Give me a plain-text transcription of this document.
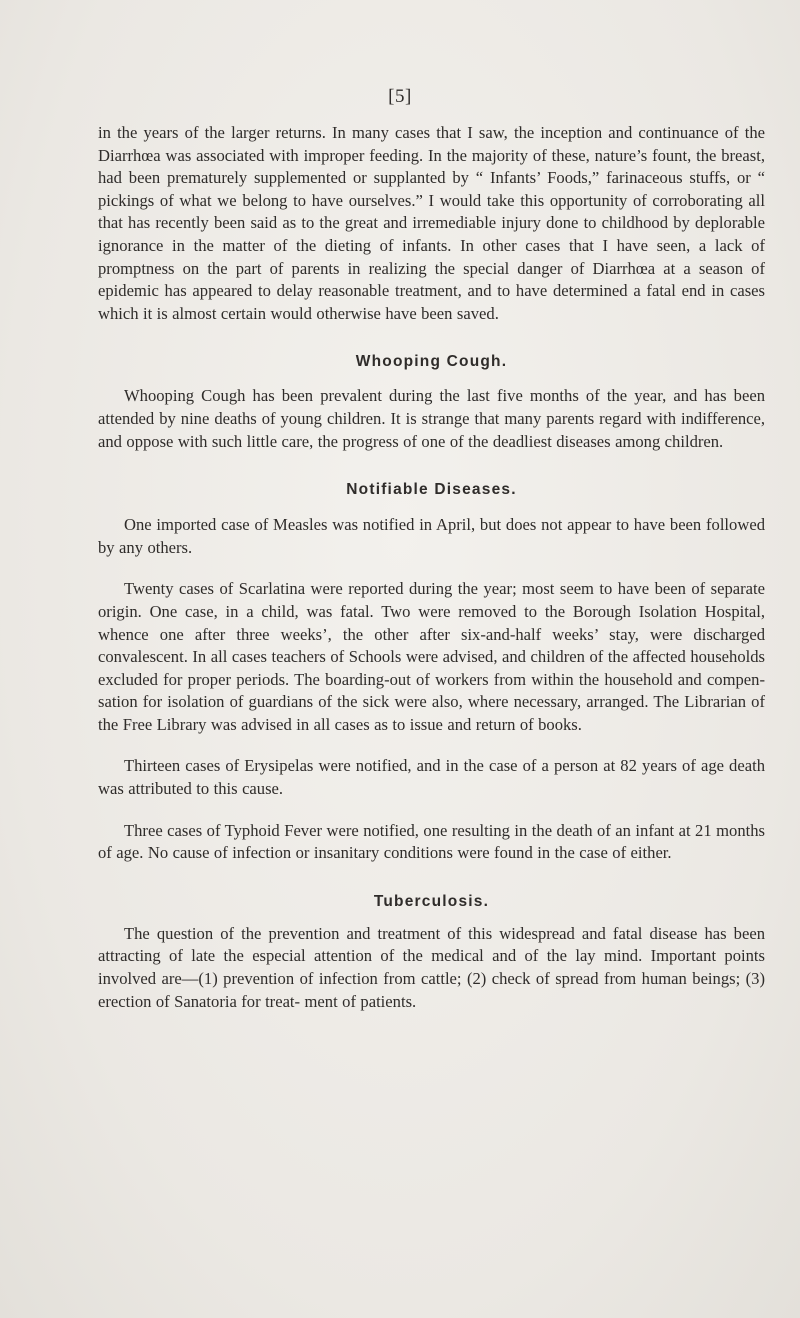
[5]

in the years of the larger returns. In many cases that I saw, the inception and continuance of the Diarrhœa was associated with improper feeding. In the majority of these, nature’s fount, the breast, had been prematurely supplemented or supplanted by “ Infants’ Foods,” farinaceous stuffs, or “ pickings of what we belong to have ourselves.” I would take this opportunity of corroborating all that has recently been said as to the great and irremediable injury done to childhood by deplorable ignorance in the matter of the dieting of infants. In other cases that I have seen, a lack of promptness on the part of parents in realizing the special danger of Diarrhœa at a season of epidemic has appeared to delay reasonable treatment, and to have determined a fatal end in cases which it is almost certain would otherwise have been saved.

Whooping Cough.

Whooping Cough has been prevalent during the last five months of the year, and has been attended by nine deaths of young children. It is strange that many parents regard with indifference, and oppose with such little care, the progress of one of the deadliest diseases among children.

Notifiable Diseases.

One imported case of Measles was notified in April, but does not appear to have been followed by any others.

Twenty cases of Scarlatina were reported during the year; most seem to have been of separate origin. One case, in a child, was fatal. Two were removed to the Borough Isolation Hospital, whence one after three weeks’, the other after six-and-half weeks’ stay, were discharged convalescent. In all cases teachers of Schools were advised, and children of the affected households excluded for proper periods. The boarding-out of workers from within the household and compen- sation for isolation of guardians of the sick were also, where necessary, arranged. The Librarian of the Free Library was advised in all cases as to issue and return of books.

Thirteen cases of Erysipelas were notified, and in the case of a person at 82 years of age death was attributed to this cause.

Three cases of Typhoid Fever were notified, one resulting in the death of an infant at 21 months of age. No cause of infection or insanitary conditions were found in the case of either.

Tuberculosis.

The question of the prevention and treatment of this widespread and fatal disease has been attracting of late the especial attention of the medical and of the lay mind. Important points involved are—(1) prevention of infection from cattle; (2) check of spread from human beings; (3) erection of Sanatoria for treat- ment of patients.
